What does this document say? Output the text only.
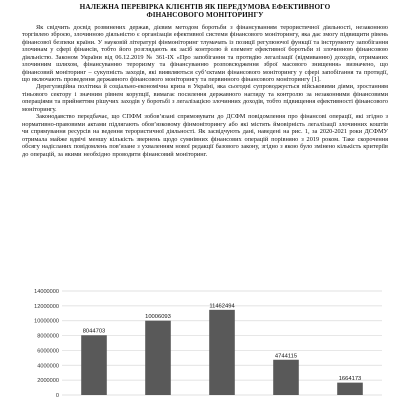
НАЛЕЖНА ПЕРЕВІРКА КЛІЄНТІВ ЯК ПЕРЕДУМОВА ЕФЕКТИВНОГО
ФІНАНСОВОГО МОНІТОРИНГУ

Як свідчить досвід розвинених держав, дієвим методом боротьби з фінансуванням терористичної діяльності, незаконною торгівлею зброєю, злочинною діяльністю є організація ефективної системи фінансового моніторингу, яка дає змогу підвищити рівень фінансової безпеки країни. У науковій літературі фінмоніторинг тлумачать із позиції регулюючої функції та інструменту запобігання злочинам у сфері фінансів, тобто його розглядають як засіб контролю й елемент ефективної боротьби зі злочинною фінансовою діяльністю. Законом України від 06.12.2019 № 361-IX «Про запобігання та протидію легалізації (відмиванню) доходів, отриманих злочинним шляхом, фінансуванню тероризму та фінансуванню розповсюдження зброї масового знищення» визначено, що фінансовий моніторинг – сукупність заходів, які виявляються суб’єктами фінансового моніторингу у сфері запобігання та протидії, що включають проведення державного фінансового моніторингу та первинного фінансового моніторингу [1].

Дерегуляційна політика й соціально-економічна криза в Україні, яка сьогодні супроводжується військовими діями, зростанням тіньового сектору і значним рівнем корупції, вимагає посилення державного нагляду та контролю за незаконними фінансовими операціями та прийняттям рішучих заходів у боротьбі з легалізацією злочинних доходів, тобто підвищення ефективності фінансового моніторингу.

Законодавство передбачає, що СПФМ зобов’язані спрямовувати до ДСФМ повідомлення про фінансові операції, які згідно з нормативно-правовими актами підлягають обов’язковому фінмоніторингу або які містять ймовірність легалізації злочинних коштів чи спрямування ресурсів на ведення терористичної діяльності. Як засвідчують дані, наведені на рис. 1, за 2020-2021 роки ДСФМУ отримала майже вдвічі меншу кількість звернень щодо сумнівних фінансових операцій порівняно з 2019 роком. Таке скорочення обсягу надісланих повідомлень пов’язане з ухваленням нової редакції базового закону, згідно з якою було змінено кількість критеріїв до операцій, за якими необхідно проводити фінансовий моніторинг.

0
2000000
4000000
6000000
8000000
10000000
12000000
14000000
8044703
10006093
11462494
4744115
1664173
